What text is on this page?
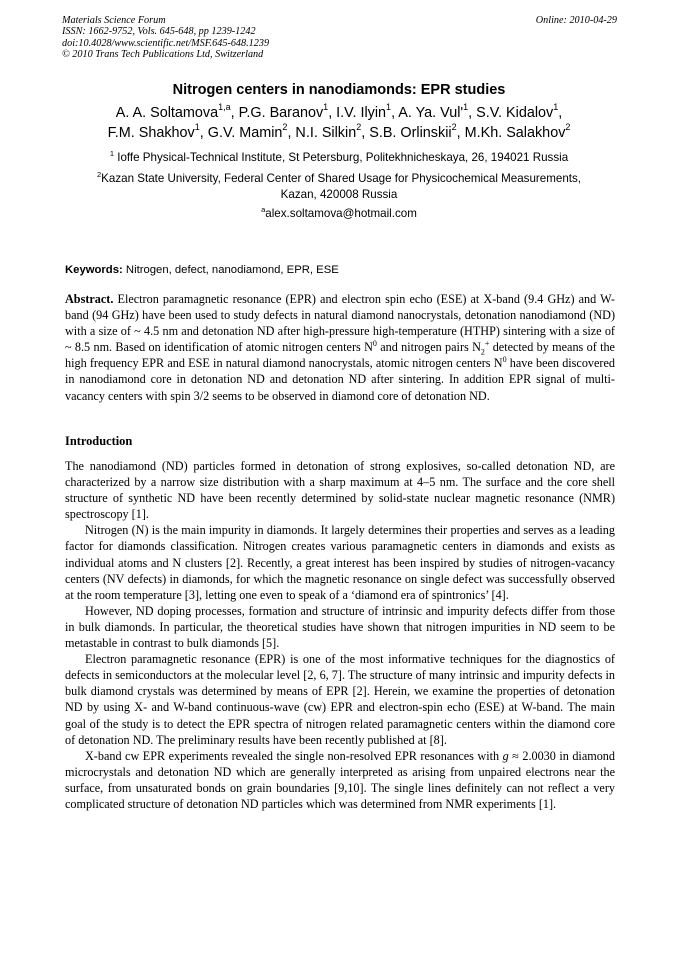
Materials Science Forum
ISSN: 1662-9752, Vols. 645-648, pp 1239-1242
doi:10.4028/www.scientific.net/MSF.645-648.1239
© 2010 Trans Tech Publications Ltd, Switzerland
Online: 2010-04-29
Nitrogen centers in nanodiamonds: EPR studies
A. A. Soltamova$^{1,a}$, P.G. Baranov$^1$, I.V. Ilyin$^1$, A. Ya. $Vul'^1$, S.V. Kidalov$^1$,
F.M. Shakhov$^1$, G.V. Mamin$^2$, N.I. Silkin$^2$, S.B. Orlinskii$^2$, M.Kh. Salakhov$^2$
$^1$ Ioffe Physical-Technical Institute, St Petersburg, Politekhnicheskaya, 26, 194021 Russia
$^2$Kazan State University, Federal Center of Shared Usage for Physicochemical Measurements,
Kazan, 420008 Russia
$^a$alex.soltamova@hotmail.com
Keywords: Nitrogen, defect, nanodiamond, EPR, ESE
Abstract. Electron paramagnetic resonance (EPR) and electron spin echo (ESE) at X-band (9.4 GHz) and W-band (94 GHz) have been used to study defects in natural diamond nanocrystals, detonation nanodiamond (ND) with a size of ~ 4.5 nm and detonation ND after high-pressure high-temperature (HTHP) sintering with a size of ~ 8.5 nm. Based on identification of atomic nitrogen centers $N^0$ and nitrogen pairs $N_2^+$ detected by means of the high frequency EPR and ESE in natural diamond nanocrystals, atomic nitrogen centers $N^0$ have been discovered in nanodiamond core in detonation ND and detonation ND after sintering. In addition EPR signal of multi-vacancy centers with spin 3/2 seems to be observed in diamond core of detonation ND.
Introduction

The nanodiamond (ND) particles formed in detonation of strong explosives, so-called detonation ND, are characterized by a narrow size distribution with a sharp maximum at 4–5 nm. The surface and the core shell structure of synthetic ND have been recently determined by solid-state nuclear magnetic resonance (NMR) spectroscopy [1].

Nitrogen (N) is the main impurity in diamonds. It largely determines their properties and serves as a leading factor for diamonds classification. Nitrogen creates various paramagnetic centers in diamonds and exists as individual atoms and N clusters [2]. Recently, a great interest has been inspired by studies of nitrogen-vacancy centers (NV defects) in diamonds, for which the magnetic resonance on single defect was successfully observed at the room temperature [3], letting one even to speak of a ‘diamond era of spintronics’ [4].

However, ND doping processes, formation and structure of intrinsic and impurity defects differ from those in bulk diamonds. In particular, the theoretical studies have shown that nitrogen impurities in ND seem to be metastable in contrast to bulk diamonds [5].

Electron paramagnetic resonance (EPR) is one of the most informative techniques for the diagnostics of defects in semiconductors at the molecular level [2, 6, 7]. The structure of many intrinsic and impurity defects in bulk diamond crystals was determined by means of EPR [2]. Herein, we examine the properties of detonation ND by using X- and W-band continuous-wave (cw) EPR and electron-spin echo (ESE) at W-band. The main goal of the study is to detect the EPR spectra of nitrogen related paramagnetic centers within the diamond core of detonation ND. The preliminary results have been recently published at [8].

X-band cw EPR experiments revealed the single non-resolved EPR resonances with g ≈ 2.0030 in diamond microcrystals and detonation ND which are generally interpreted as arising from unpaired electrons near the surface, from unsaturated bonds on grain boundaries [9,10]. The single lines definitely can not reflect a very complicated structure of detonation ND particles which was determined from NMR experiments [1].
